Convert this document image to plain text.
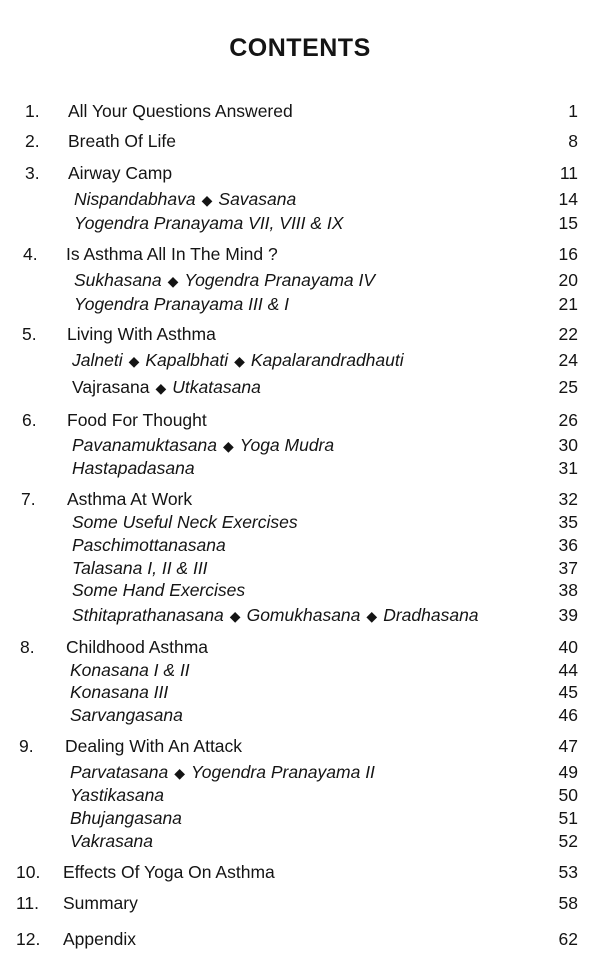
CONTENTS
1. All Your Questions Answered	1
2. Breath Of Life	8
3. Airway Camp	11
Nispandabhava ◆ Savasana	14
Yogendra Pranayama VII, VIII & IX	15
4. Is Asthma All In The Mind ?	16
Sukhasana ◆ Yogendra Pranayama IV	20
Yogendra Pranayama III & I	21
5. Living With Asthma	22
Jalneti ◆ Kapalbhati ◆ Kapalarandradhauti	24
Vajrasana ◆ Utkatasana	25
6. Food For Thought	26
Pavanamuktasana ◆ Yoga Mudra	30
Hastapadasana	31
7. Asthma At Work	32
Some Useful Neck Exercises	35
Paschimottanasana	36
Talasana I, II & III	37
Some Hand Exercises	38
Sthitaprathanasana ◆ Gomukhasana ◆ Dradhasana	39
8. Childhood Asthma	40
Konasana I & II	44
Konasana III	45
Sarvangasana	46
9. Dealing With An Attack	47
Parvatasana ◆ Yogendra Pranayama II	49
Yastikasana	50
Bhujangasana	51
Vakrasana	52
10. Effects Of Yoga On Asthma	53
11. Summary	58
12. Appendix	62
